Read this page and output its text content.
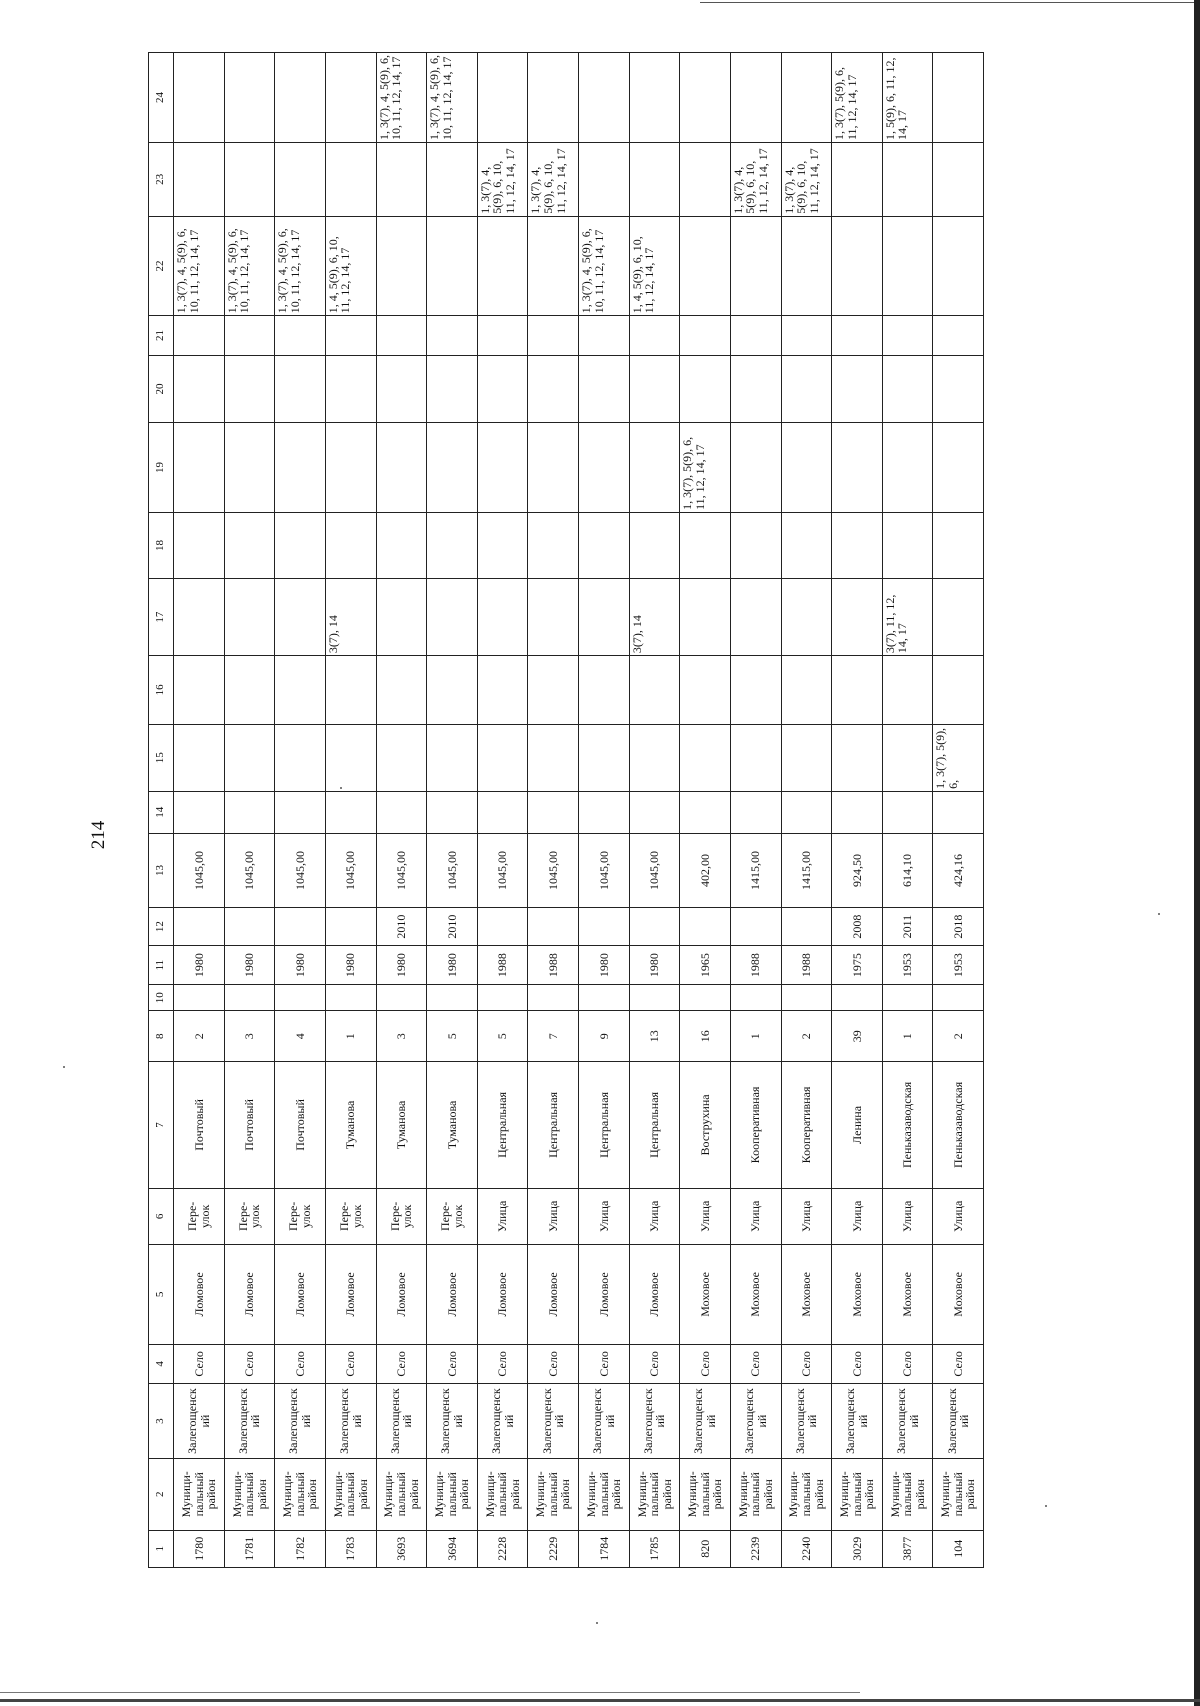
214
1	2	3	4	5	6	7	8	10	11	12	13	14	15	16	17	18	19	20	21	22	23	24
1780	Муници-пальный район	Залегощенский	Село	Ломовое	Пере-улок	Почтовый	2		1980		1045,00									1, 3(7), 4, 5(9), 6, 10, 11, 12, 14, 17		
1781	Муници-пальный район	Залегощенский	Село	Ломовое	Пере-улок	Почтовый	3		1980		1045,00									1, 3(7), 4, 5(9), 6, 10, 11, 12, 14, 17		
1782	Муници-пальный район	Залегощенский	Село	Ломовое	Пере-улок	Почтовый	4		1980		1045,00									1, 3(7), 4, 5(9), 6, 10, 11, 12, 14, 17		
1783	Муници-пальный район	Залегощенский	Село	Ломовое	Пере-улок	Туманова	1		1980		1045,00				3(7), 14					1, 4, 5(9), 6, 10, 11, 12, 14, 17		
3693	Муници-пальный район	Залегощенский	Село	Ломовое	Пере-улок	Туманова	3		1980	2010	1045,00											1, 3(7), 4, 5(9), 6, 10, 11, 12, 14, 17
3694	Муници-пальный район	Залегощенский	Село	Ломовое	Пере-улок	Туманова	5		1980	2010	1045,00											1, 3(7), 4, 5(9), 6, 10, 11, 12, 14, 17
2228	Муници-пальный район	Залегощенский	Село	Ломовое	Улица	Центральная	5		1988		1045,00										1, 3(7), 4, 5(9), 6, 10, 11, 12, 14, 17	
2229	Муници-пальный район	Залегощенский	Село	Ломовое	Улица	Центральная	7		1988		1045,00										1, 3(7), 4, 5(9), 6, 10, 11, 12, 14, 17	
1784	Муници-пальный район	Залегощенский	Село	Ломовое	Улица	Центральная	9		1980		1045,00									1, 3(7), 4, 5(9), 6, 10, 11, 12, 14, 17		
1785	Муници-пальный район	Залегощенский	Село	Ломовое	Улица	Центральная	13		1980		1045,00				3(7), 14					1, 4, 5(9), 6, 10, 11, 12, 14, 17		
820	Муници-пальный район	Залегощенский	Село	Моховое	Улица	Вострухина	16		1965		402,00						1, 3(7), 5(9), 6, 11, 12, 14, 17					
2239	Муници-пальный район	Залегощенский	Село	Моховое	Улица	Кооперативная	1		1988		1415,00										1, 3(7), 4, 5(9), 6, 10, 11, 12, 14, 17	
2240	Муници-пальный район	Залегощенский	Село	Моховое	Улица	Кооперативная	2		1988		1415,00										1, 3(7), 4, 5(9), 6, 10, 11, 12, 14, 17	
3029	Муници-пальный район	Залегощенский	Село	Моховое	Улица	Ленина	39		1975	2008	924,50											1, 3(7), 5(9), 6, 11, 12, 14, 17
3877	Муници-пальный район	Залегощенский	Село	Моховое	Улица	Пеньказаводская	1		1953	2011	614,10				3(7), 11, 12, 14, 17							1, 5(9), 6, 11, 12, 14, 17
104	Муници-пальный район	Залегощенский	Село	Моховое	Улица	Пеньказаводская	2		1953	2018	424,16		1, 3(7), 5(9), 6,									
